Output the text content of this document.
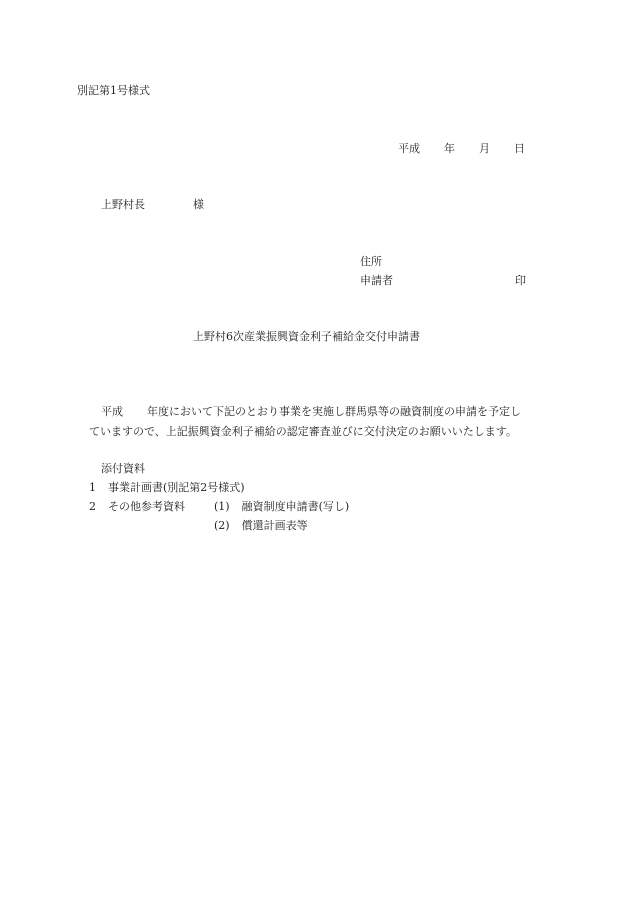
別記第1号様式
平成 年 月 日
上野村長	様
住所
申請者	印
上野村6次産業振興資金利子補給金交付申請書
平成 年度において下記のとおり事業を実施し群馬県等の融資制度の申請を予定し
ていますので、上記振興資金利子補給の認定審査並びに交付決定のお願いいたします。
添付資料
1 事業計画書(別記第2号様式)
2 その他参考資料	(1) 融資制度申請書(写し)
(2) 償還計画表等
